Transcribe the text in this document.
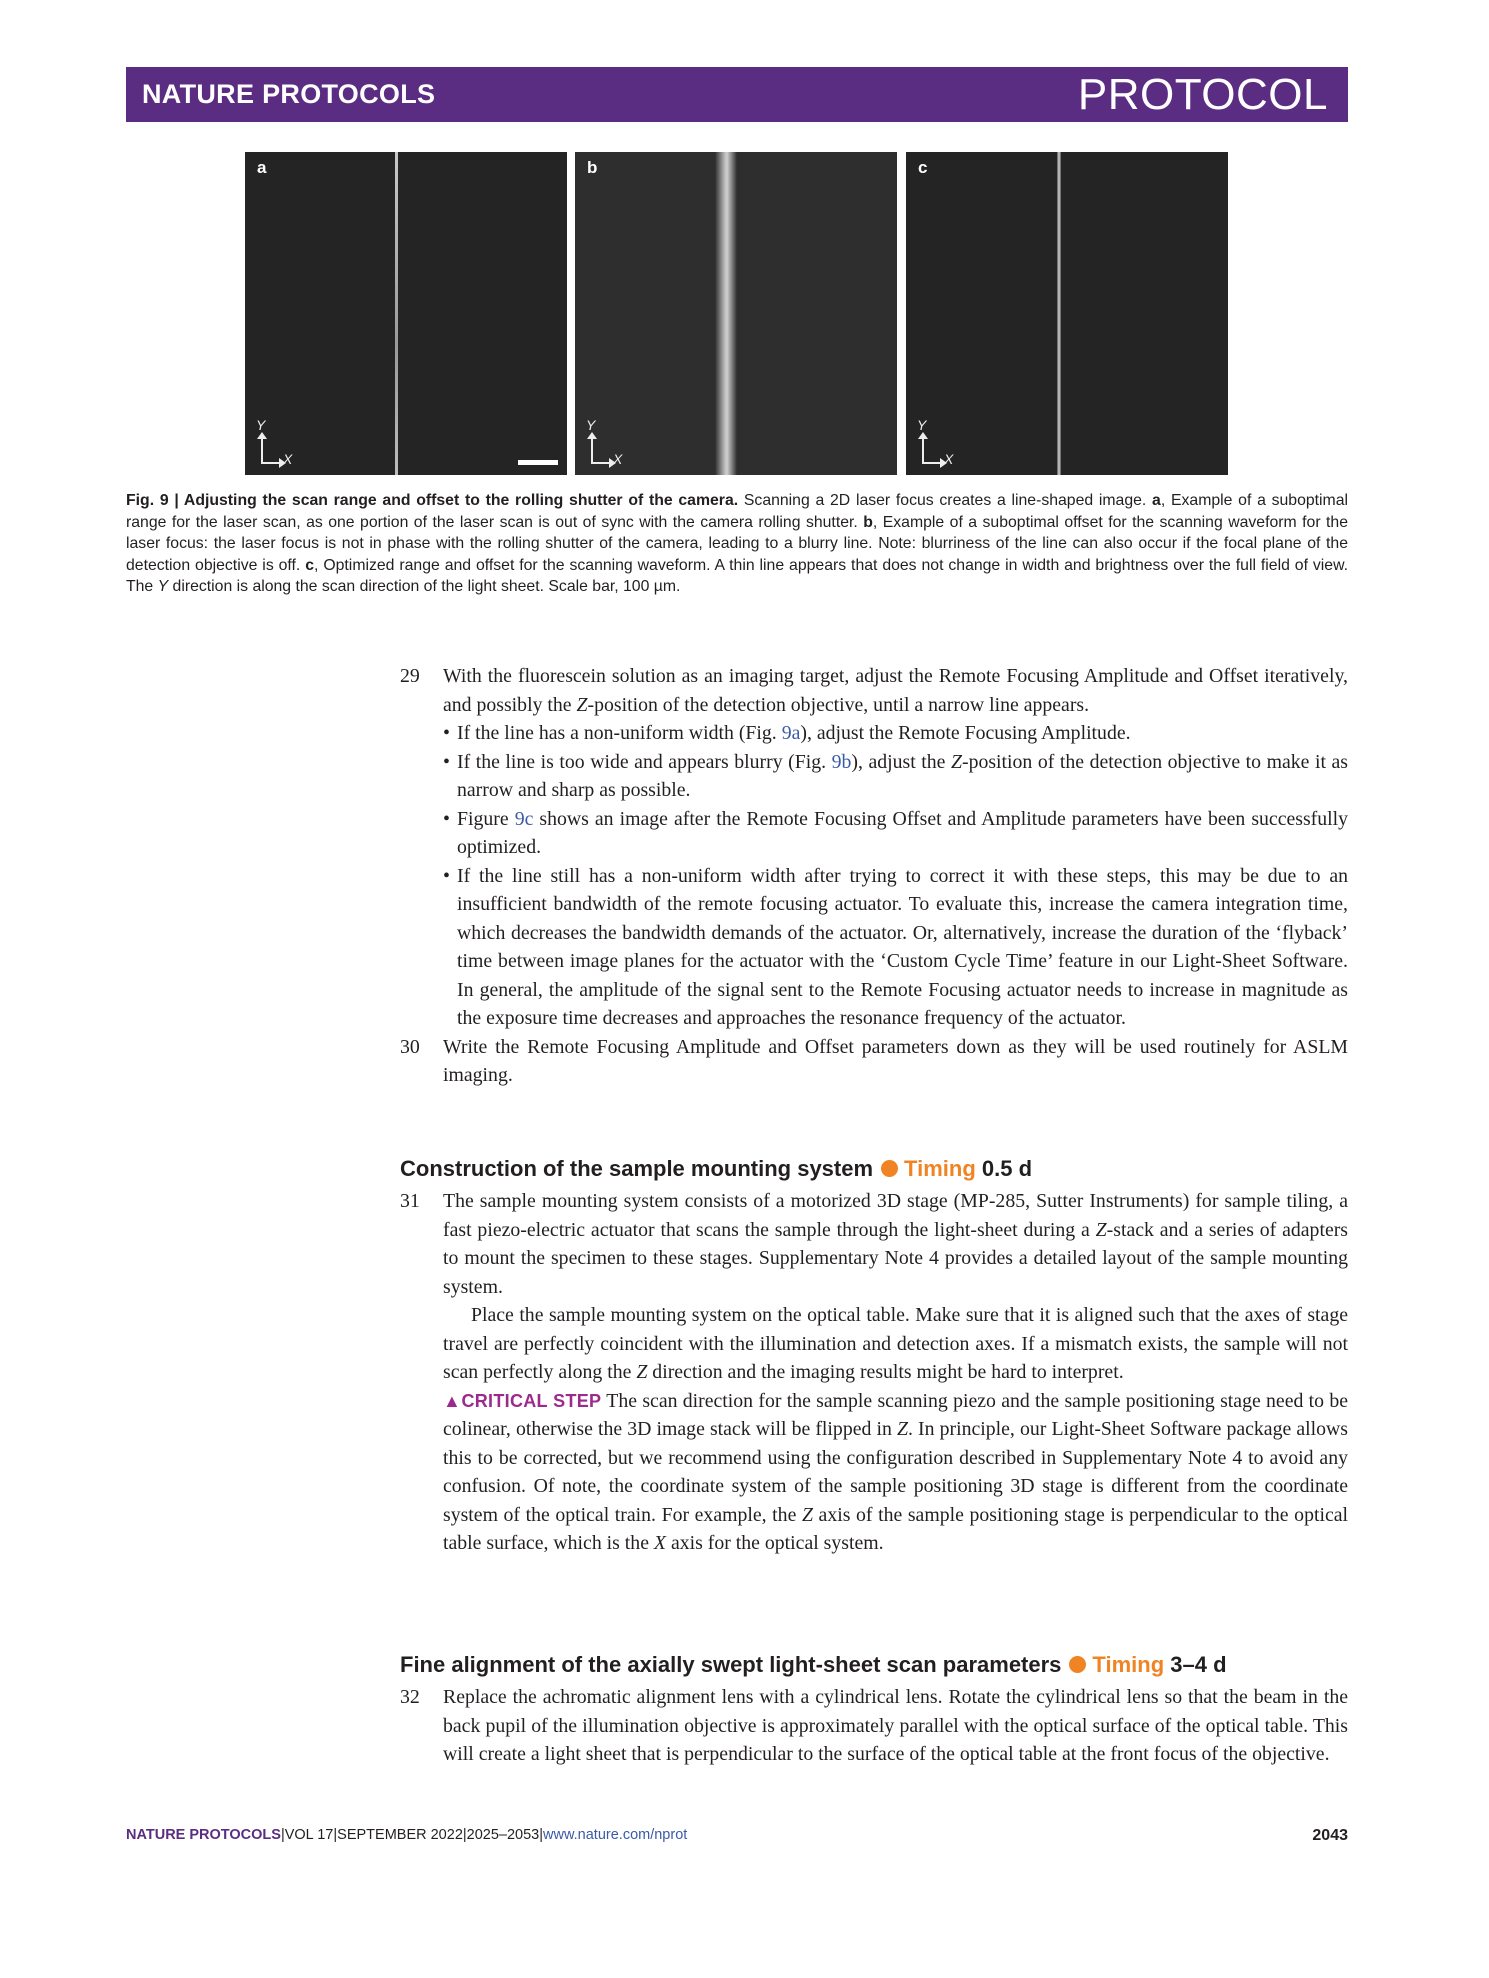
NATURE PROTOCOLS	PROTOCOL
a
Y
X
b
Y
X
c
Y
X
Fig. 9 | Adjusting the scan range and offset to the rolling shutter of the camera. Scanning a 2D laser focus creates a line-shaped image. a, Example of a suboptimal range for the laser scan, as one portion of the laser scan is out of sync with the camera rolling shutter. b, Example of a suboptimal offset for the scanning waveform for the laser focus: the laser focus is not in phase with the rolling shutter of the camera, leading to a blurry line. Note: blurriness of the line can also occur if the focal plane of the detection objective is off. c, Optimized range and offset for the scanning waveform. A thin line appears that does not change in width and brightness over the full field of view. The Y direction is along the scan direction of the light sheet. Scale bar, 100 µm.
29 With the fluorescein solution as an imaging target, adjust the Remote Focusing Amplitude and Offset iteratively, and possibly the Z-position of the detection objective, until a narrow line appears.
• If the line has a non-uniform width (Fig. 9a), adjust the Remote Focusing Amplitude.
• If the line is too wide and appears blurry (Fig. 9b), adjust the Z-position of the detection objective to make it as narrow and sharp as possible.
• Figure 9c shows an image after the Remote Focusing Offset and Amplitude parameters have been successfully optimized.
• If the line still has a non-uniform width after trying to correct it with these steps, this may be due to an insufficient bandwidth of the remote focusing actuator. To evaluate this, increase the camera integration time, which decreases the bandwidth demands of the actuator. Or, alternatively, increase the duration of the ‘flyback’ time between image planes for the actuator with the ‘Custom Cycle Time’ feature in our Light-Sheet Software. In general, the amplitude of the signal sent to the Remote Focusing actuator needs to increase in magnitude as the exposure time decreases and approaches the resonance frequency of the actuator.
30 Write the Remote Focusing Amplitude and Offset parameters down as they will be used routinely for ASLM imaging.
Construction of the sample mounting system Timing 0.5 d
31 The sample mounting system consists of a motorized 3D stage (MP-285, Sutter Instruments) for sample tiling, a fast piezo-electric actuator that scans the sample through the light-sheet during a Z-stack and a series of adapters to mount the specimen to these stages. Supplementary Note 4 provides a detailed layout of the sample mounting system.
Place the sample mounting system on the optical table. Make sure that it is aligned such that the axes of stage travel are perfectly coincident with the illumination and detection axes. If a mismatch exists, the sample will not scan perfectly along the Z direction and the imaging results might be hard to interpret.
▲CRITICAL STEP The scan direction for the sample scanning piezo and the sample positioning stage need to be colinear, otherwise the 3D image stack will be flipped in Z. In principle, our Light-Sheet Software package allows this to be corrected, but we recommend using the configuration described in Supplementary Note 4 to avoid any confusion. Of note, the coordinate system of the sample positioning 3D stage is different from the coordinate system of the optical train. For example, the Z axis of the sample positioning stage is perpendicular to the optical table surface, which is the X axis for the optical system.
Fine alignment of the axially swept light-sheet scan parameters Timing 3–4 d
32 Replace the achromatic alignment lens with a cylindrical lens. Rotate the cylindrical lens so that the beam in the back pupil of the illumination objective is approximately parallel with the optical surface of the optical table. This will create a light sheet that is perpendicular to the surface of the optical table at the front focus of the objective.
NATURE PROTOCOLS|VOL 17|SEPTEMBER 2022|2025–2053|www.nature.com/nprot	2043
